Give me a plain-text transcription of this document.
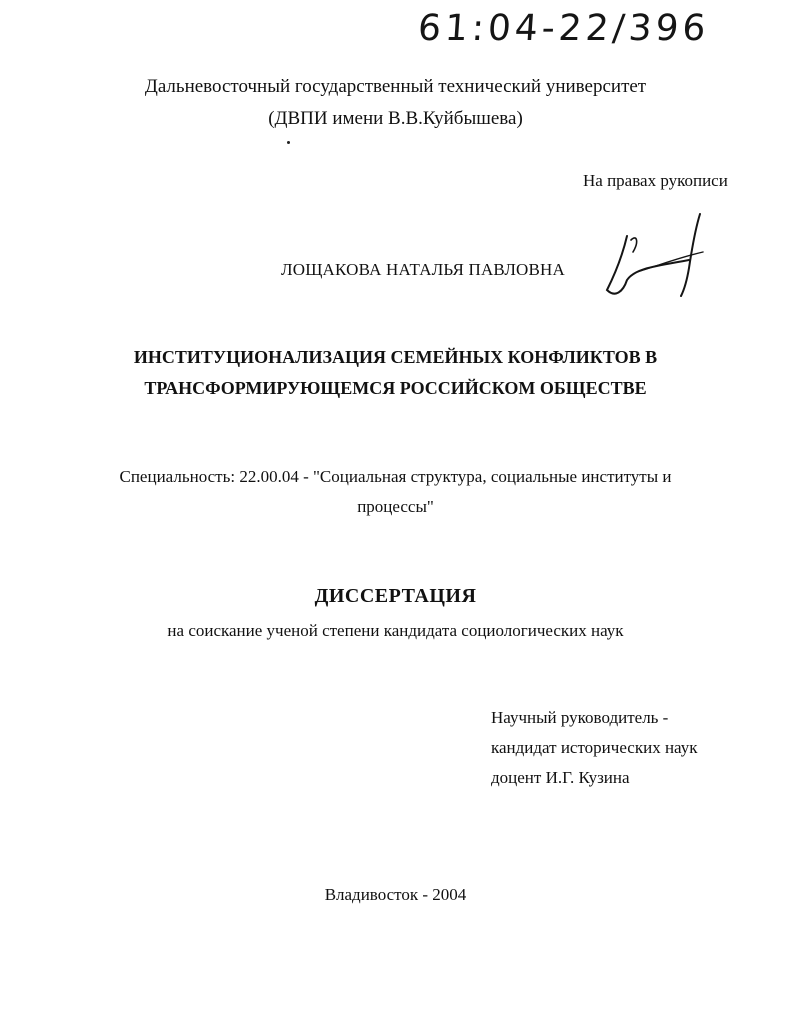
61:04-22/396
Дальневосточный государственный технический университет
(ДВПИ имени В.В.Куйбышева)
На правах рукописи
ЛОЩАКОВА НАТАЛЬЯ ПАВЛОВНА
ИНСТИТУЦИОНАЛИЗАЦИЯ СЕМЕЙНЫХ КОНФЛИКТОВ В
ТРАНСФОРМИРУЮЩЕМСЯ РОССИЙСКОМ ОБЩЕСТВЕ
Специальность: 22.00.04 - "Социальная структура, социальные институты и
процессы"
ДИССЕРТАЦИЯ
на соискание ученой степени кандидата социологических наук
Научный руководитель -
кандидат исторических наук
доцент И.Г. Кузина
Владивосток - 2004
